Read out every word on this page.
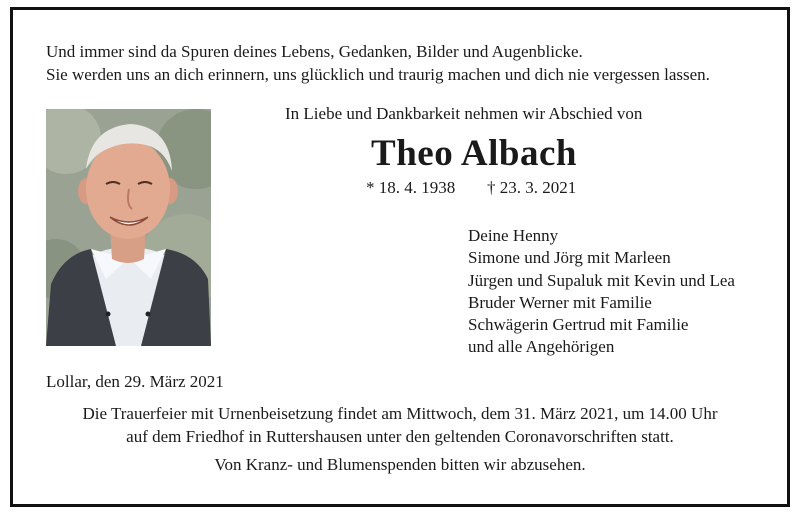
Und immer sind da Spuren deines Lebens, Gedanken, Bilder und Augenblicke.
Sie werden uns an dich erinnern, uns glücklich und traurig machen und dich nie vergessen lassen.
In Liebe und Dankbarkeit nehmen wir Abschied von
Theo Albach
* 18. 4. 1938 † 23. 3. 2021
Deine Henny
Simone und Jörg mit Marleen
Jürgen und Supaluk mit Kevin und Lea
Bruder Werner mit Familie
Schwägerin Gertrud mit Familie
und alle Angehörigen
Lollar, den 29. März 2021
Die Trauerfeier mit Urnenbeisetzung findet am Mittwoch, dem 31. März 2021, um 14.00 Uhr
auf dem Friedhof in Ruttershausen unter den geltenden Coronavorschriften statt.
Von Kranz- und Blumenspenden bitten wir abzusehen.
